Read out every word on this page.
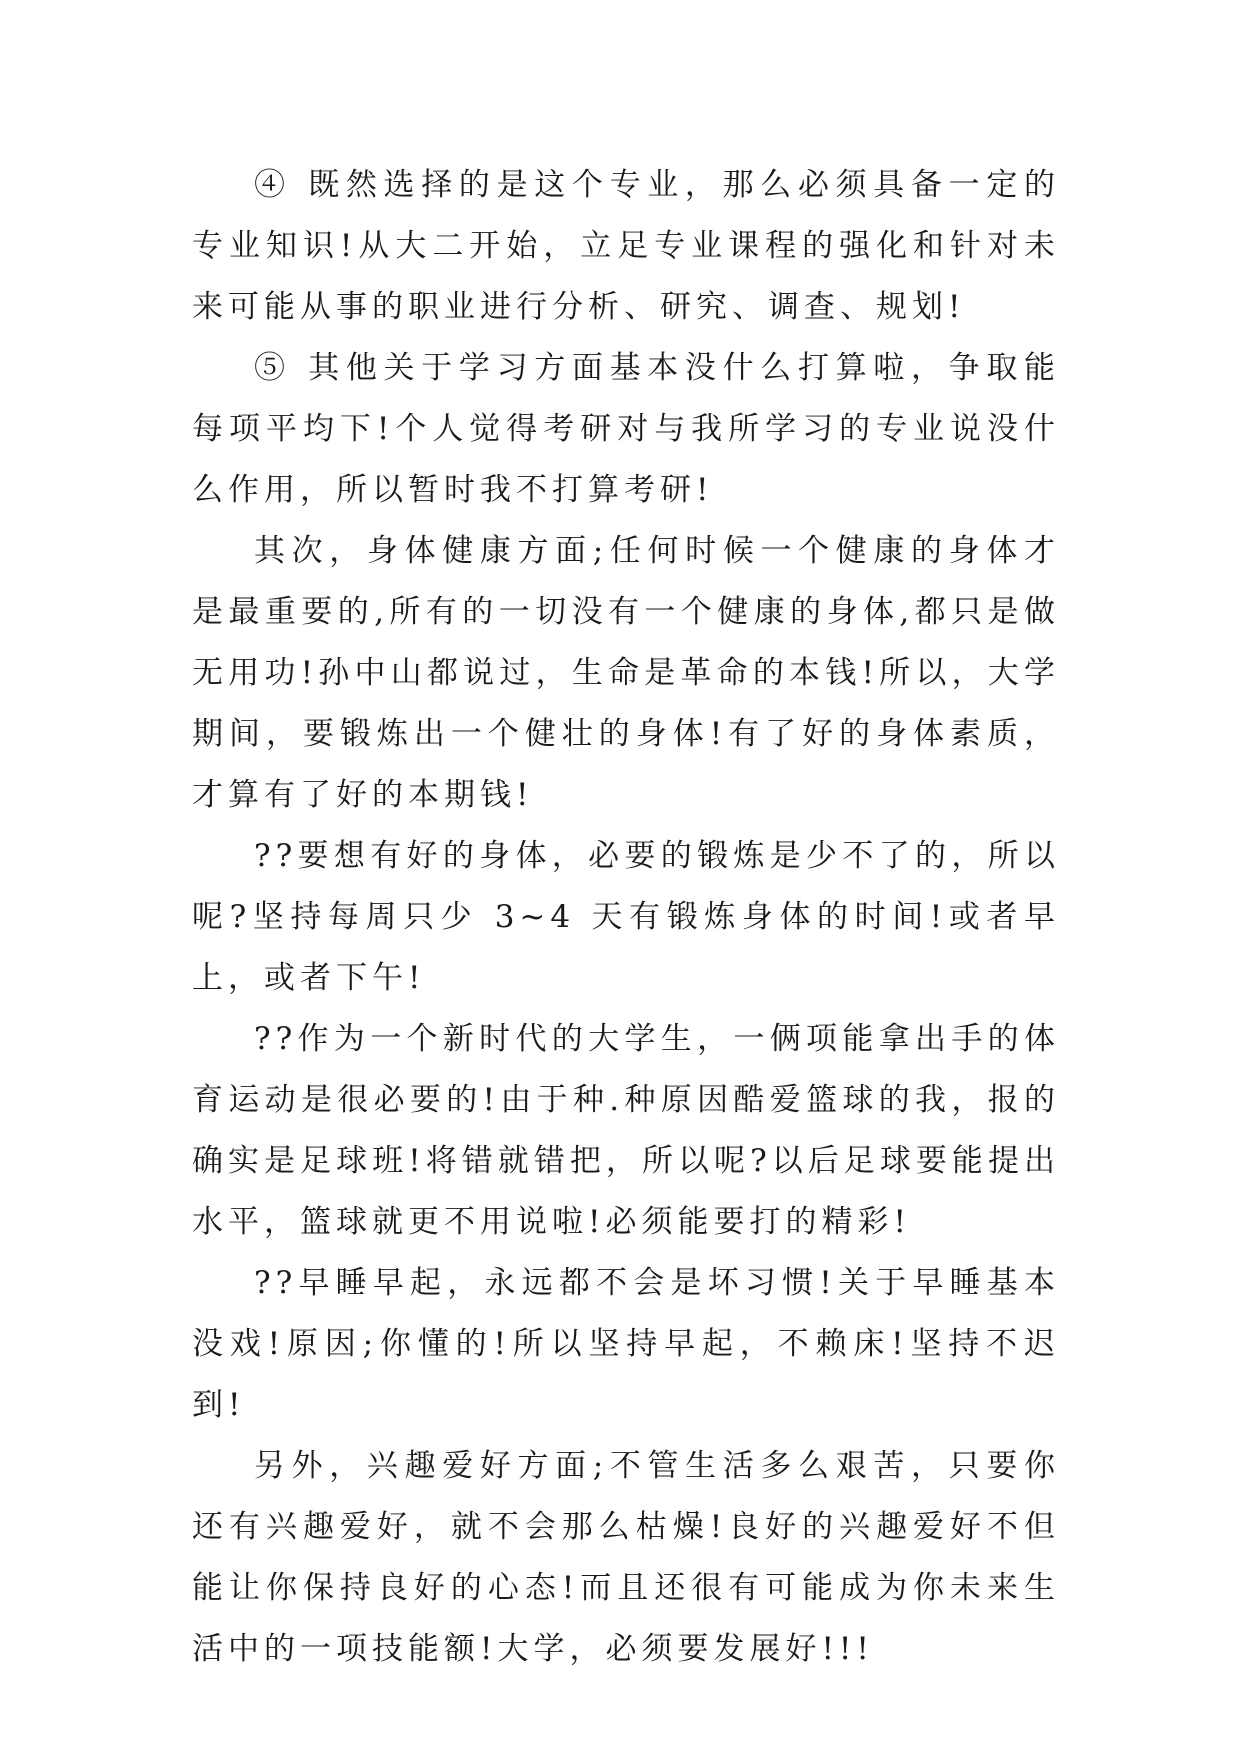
④ 既然选择的是这个专业，那么必须具备一定的专业知识!从大二开始，立足专业课程的强化和针对未来可能从事的职业进行分析、研究、调查、规划!

⑤ 其他关于学习方面基本没什么打算啦，争取能每项平均下!个人觉得考研对与我所学习的专业说没什么作用，所以暂时我不打算考研!

其次，身体健康方面;任何时候一个健康的身体才是最重要的,所有的一切没有一个健康的身体,都只是做无用功!孙中山都说过，生命是革命的本钱!所以，大学期间，要锻炼出一个健壮的身体!有了好的身体素质，才算有了好的本期钱!

??要想有好的身体，必要的锻炼是少不了的，所以呢?坚持每周只少 3~4 天有锻炼身体的时间!或者早上，或者下午!

??作为一个新时代的大学生，一俩项能拿出手的体育运动是很必要的!由于种.种原因酷爱篮球的我，报的确实是足球班!将错就错把，所以呢?以后足球要能提出水平，篮球就更不用说啦!必须能要打的精彩!

??早睡早起，永远都不会是坏习惯!关于早睡基本没戏!原因;你懂的!所以坚持早起，不赖床!坚持不迟到!

另外，兴趣爱好方面;不管生活多么艰苦，只要你还有兴趣爱好，就不会那么枯燥!良好的兴趣爱好不但能让你保持良好的心态!而且还很有可能成为你未来生活中的一项技能额!大学，必须要发展好!!!
